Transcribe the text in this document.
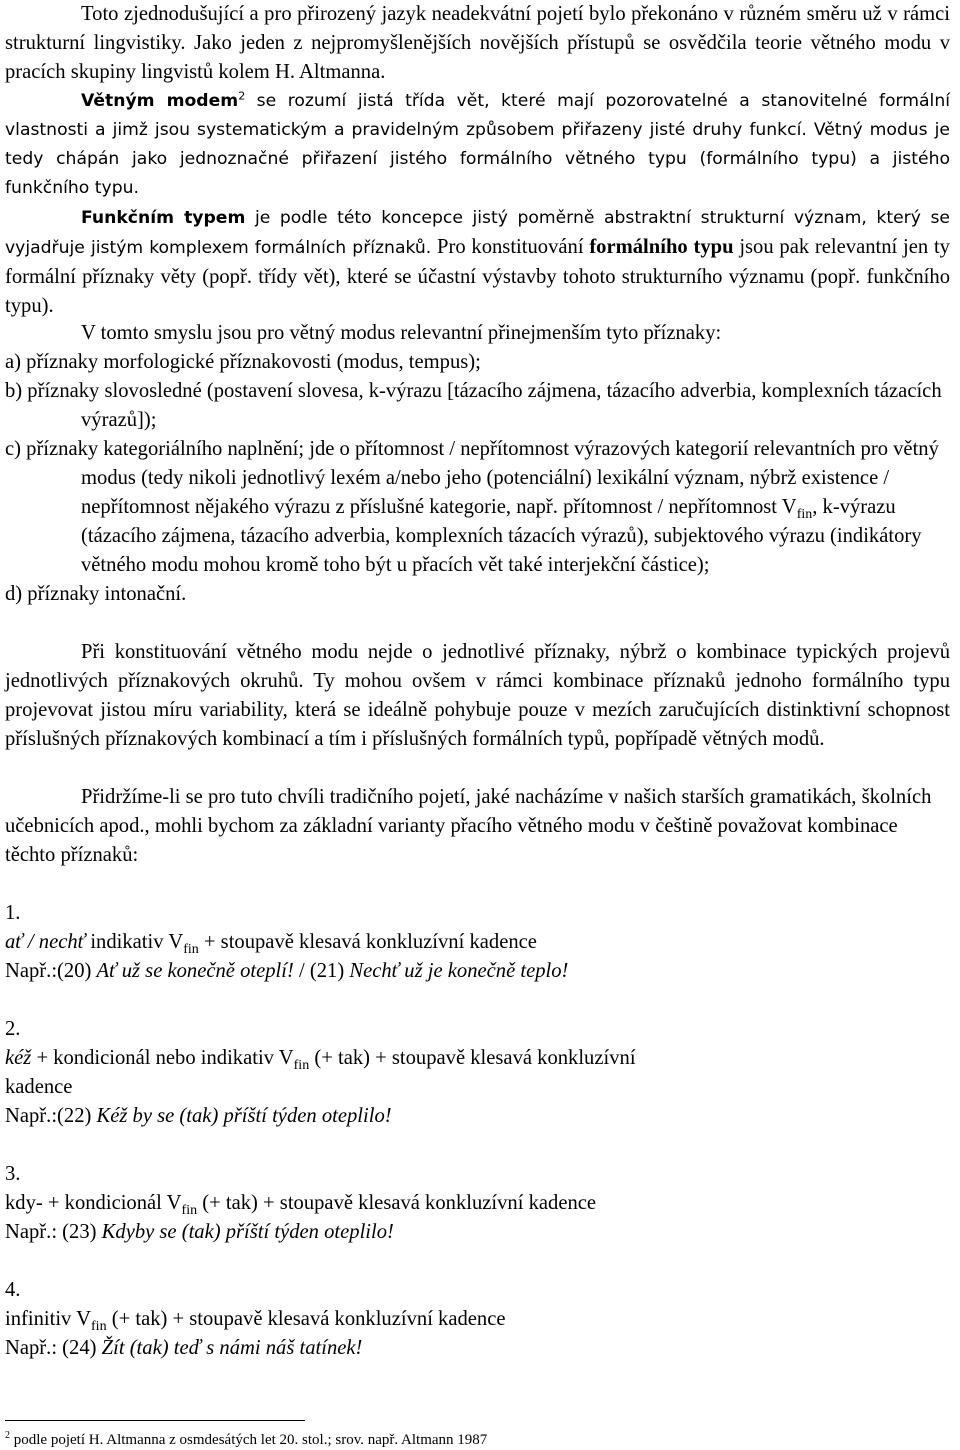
Toto zjednodušující a pro přirozený jazyk neadekvátní pojetí bylo překonáno v různém směru už v rámci strukturní lingvistiky. Jako jeden z nejpromyšlenějších novějších přístupů se osvědčila teorie větného modu v pracích skupiny lingvistů kolem H. Altmanna.

Větným modem$^2$ se rozumí jistá třída vět, které mají pozorovatelné a stanovitelné formální vlastnosti a jimž jsou systematickým a pravidelným způsobem přiřazeny jisté druhy funkcí. Větný modus je tedy chápán jako jednoznačné přiřazení jistého formálního větného typu (formálního typu) a jistého funkčního typu.

Funkčním typem je podle této koncepce jistý poměrně abstraktní strukturní význam, který se vyjadřuje jistým komplexem formálních příznaků. Pro konstituování formálního typu jsou pak relevantní jen ty formální příznaky věty (popř. třídy vět), které se účastní výstavby tohoto strukturního významu (popř. funkčního typu).

V tomto smyslu jsou pro větný modus relevantní přinejmenším tyto příznaky:

a) příznaky morfologické příznakovosti (modus, tempus);

b) příznaky slovosledné (postavení slovesa, k-výrazu [tázacího zájmena, tázacího adverbia, komplexních tázacích výrazů]);

c) příznaky kategoriálního naplnění; jde o přítomnost / nepřítomnost výrazových kategorií relevantních pro větný modus (tedy nikoli jednotlivý lexém a/nebo jeho (potenciální) lexikální význam, nýbrž existence / nepřítomnost nějakého výrazu z příslušné kategorie, např. přítomnost / nepřítomnost $V_{fin}$, k-výrazu (tázacího zájmena, tázacího adverbia, komplexních tázacích výrazů), subjektového výrazu (indikátory větného modu mohou kromě toho být u přacích vět také interjekční částice);

d) příznaky intonační.

Při konstituování větného modu nejde o jednotlivé příznaky, nýbrž o kombinace typických projevů jednotlivých příznakových okruhů. Ty mohou ovšem v rámci kombinace příznaků jednoho formálního typu projevovat jistou míru variability, která se ideálně pohybuje pouze v mezích zaručujících distinktivní schopnost příslušných příznakových kombinací a tím i příslušných formálních typů, popřípadě větných modů.

Přidržíme-li se pro tuto chvíli tradičního pojetí, jaké nacházíme v našich starších gramatikách, školních učebnicích apod., mohli bychom za základní varianty přacího větného modu v češtině považovat kombinace těchto příznaků:

1.

ať / nechť indikativ $V_{fin}$ + stoupavě klesavá konkluzívní kadence

Např.:(20) Ať už se konečně oteplí! / (21) Nechť už je konečně teplo!

2.

kéž + kondicionál nebo indikativ $V_{fin}$ (+ tak) + stoupavě klesavá konkluzívní kadence

Např.:(22) Kéž by se (tak) příští týden oteplilo!

3.

kdy- + kondicionál $V_{fin}$ (+ tak) + stoupavě klesavá konkluzívní kadence

Např.: (23) Kdyby se (tak) příští týden oteplilo!

4.

infinitiv $V_{fin}$ (+ tak) + stoupavě klesavá konkluzívní kadence

Např.: (24) Žít (tak) teď s námi náš tatínek!

$^2$ podle pojetí H. Altmanna z osmdesátých let 20. stol.; srov. např. Altmann 1987
